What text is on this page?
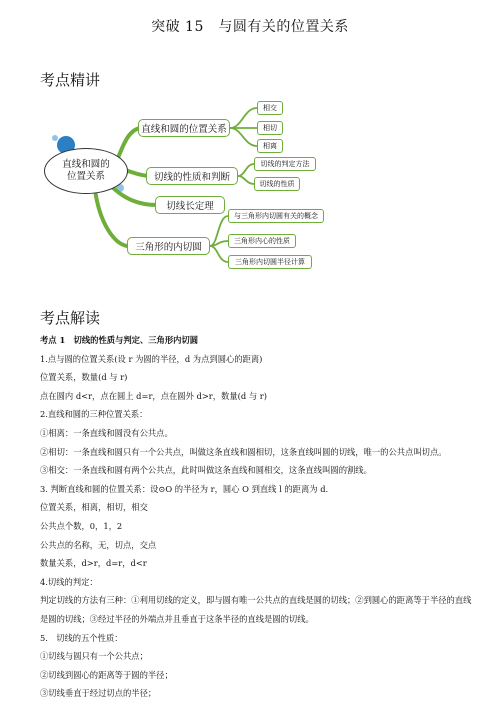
突破 15　与圆有关的位置关系
考点精讲
直线和圆的
位置关系
直线和圆的位置关系
切线的性质和判断
切线长定理
三角形的内切圆
相交
相切
相离
切线的判定方法
切线的性质
与三角形内切圆有关的概念
三角形内心的性质
三角形内切圆半径计算
考点解读
考点 1　切线的性质与判定、三角形内切圆
1.点与圆的位置关系(设 r 为圆的半径，d 为点到圆心的距离)
位置关系，数量(d 与 r)
点在圆内 d<r，点在圆上 d=r，点在圆外 d>r，数量(d 与 r)
2.直线和圆的三种位置关系：
①相离：一条直线和圆没有公共点。
②相切：一条直线和圆只有一个公共点，叫做这条直线和圆相切，这条直线叫圆的切线，唯一的公共点叫切点。
③相交：一条直线和圆有两个公共点，此时叫做这条直线和圆相交，这条直线叫圆的割线。
3. 判断直线和圆的位置关系：设⊙O 的半径为 r，圆心 O 到直线 l 的距离为 d.
位置关系，相离，相切，相交
公共点个数，0，1，2
公共点的名称，无，切点，交点
数量关系，d>r，d=r，d<r
4.切线的判定：
判定切线的方法有三种：①利用切线的定义，即与圆有唯一公共点的直线是圆的切线；②到圆心的距离等于半径的直线是圆的切线；③经过半径的外端点并且垂直于这条半径的直线是圆的切线。
5.　切线的五个性质：
①切线与圆只有一个公共点；
②切线到圆心的距离等于圆的半径；
③切线垂直于经过切点的半径；
